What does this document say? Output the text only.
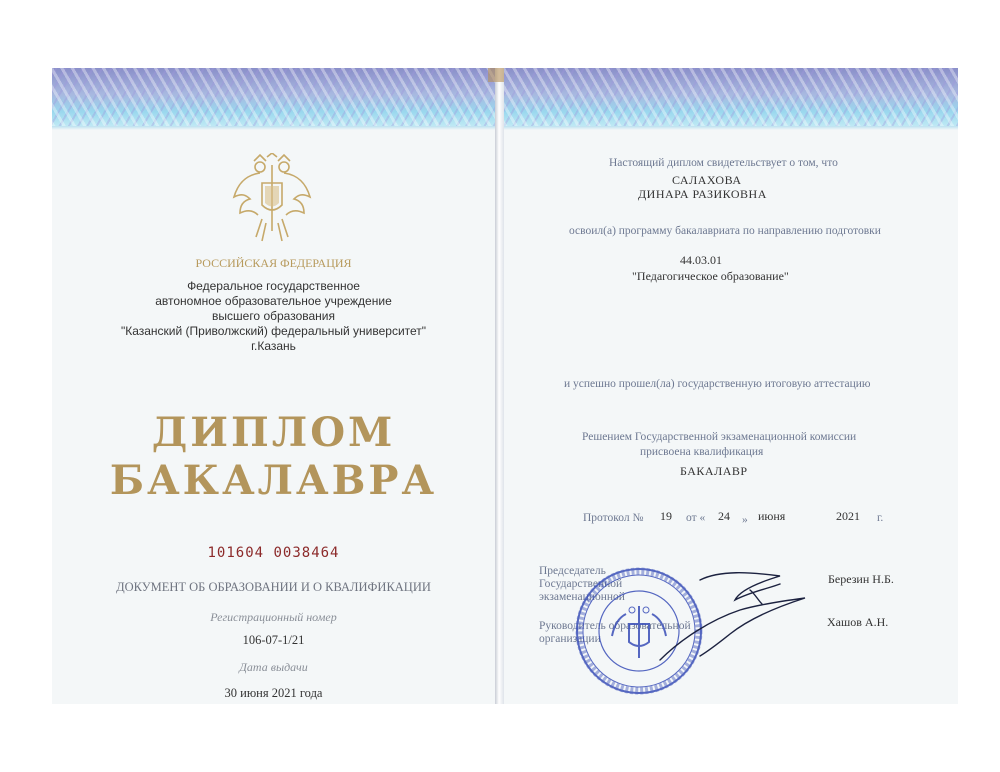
РОССИЙСКАЯ ФЕДЕРАЦИЯ
Федеральное государственное
автономное образовательное учреждение
высшего образования
"Казанский (Приволжский) федеральный университет"
г.Казань
ДИПЛОМ
БАКАЛАВРА
101604 0038464
ДОКУМЕНТ ОБ ОБРАЗОВАНИИ И О КВАЛИФИКАЦИИ
Регистрационный номер
106-07-1/21
Дата выдачи
30 июня 2021 года
Настоящий диплом свидетельствует о том, что
САЛАХОВА
ДИНАРА РАЗИКОВНА
освоил(а) программу бакалавриата по направлению подготовки
44.03.01
"Педагогическое образование"
и успешно прошел(ла) государственную итоговую аттестацию
Решением Государственной экзаменационной комиссии
присвоена квалификация
БАКАЛАВР
Протокол № 19 от « 24 » июня	2021 г.
Председатель
Государственной
экзаменационной
Березин Н.Б.
Руководитель образовательной
организации
Хашов А.Н.
